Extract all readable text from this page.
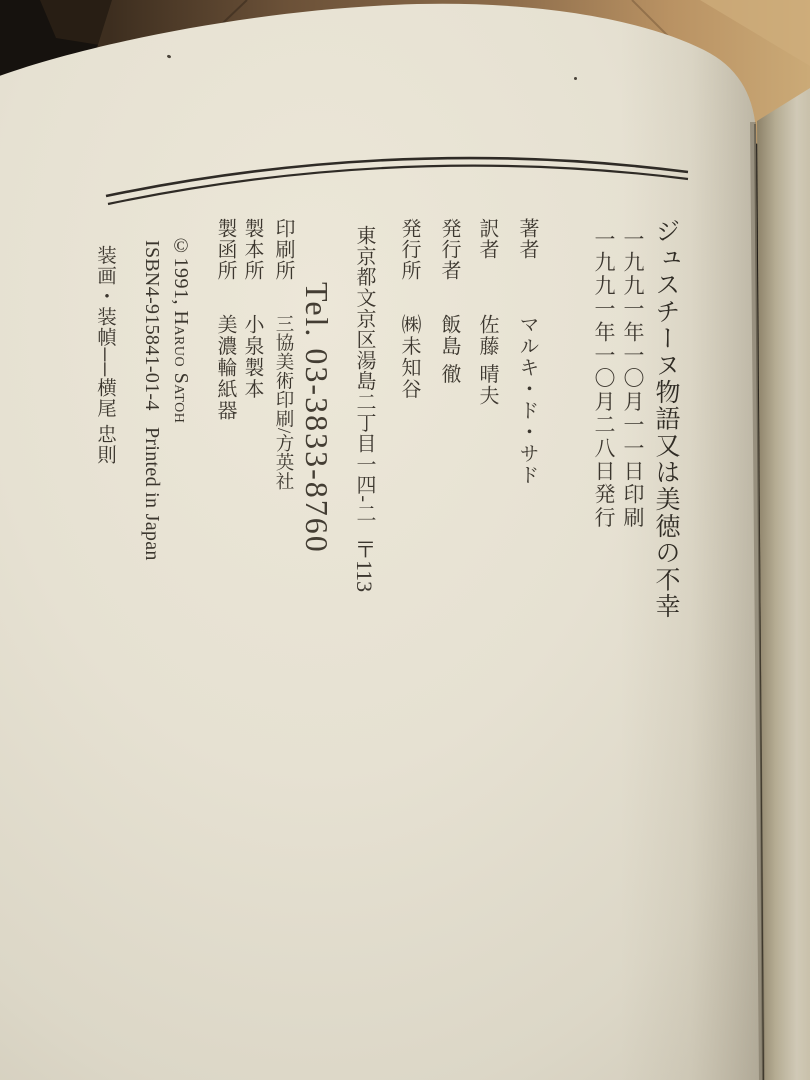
ジュスチーヌ物語又は美徳の不幸
一九九一年一〇月一一日印刷
一九九一年一〇月二八日発行
著者マルキ・ド・サド
訳者佐藤 晴夫
発行者飯島 徹
発行所㈱未知谷
東京都文京区湯島二丁目一四-二〒113
Tel. 03-3833-8760
印刷所三協美術印刷/方英社
製本所小泉製本
製函所美濃輪紙器
©1991, Haruo Satoh
ISBN4-915841-01-4Printed in Japan
装画・装幀──横尾 忠則
